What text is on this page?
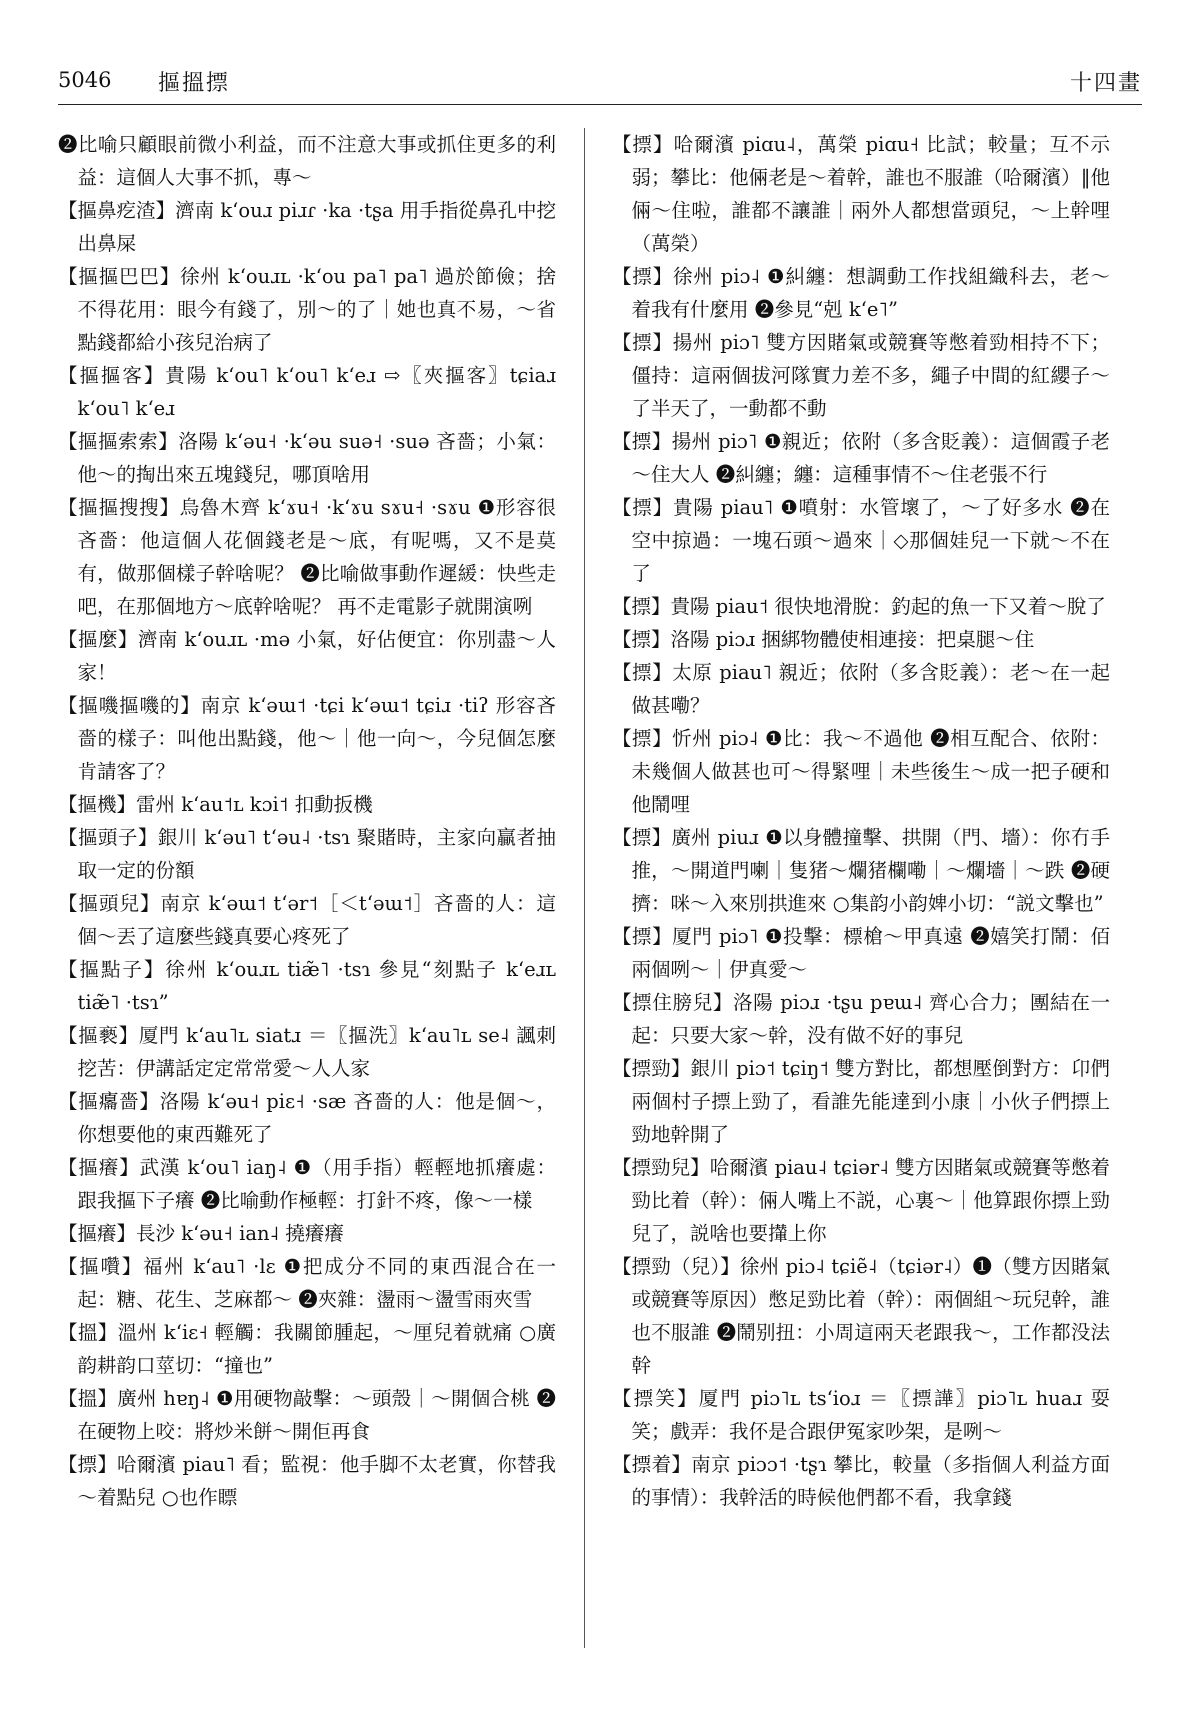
5046 摳搵摽	十四畫
❷比喻只顧眼前微小利益，而不注意大事或抓住更多的利益：這個人大事不抓，專～
【摳鼻疙渣】濟南 kʻouɹ piɹɾ ·ka ·tʂa 用手指從鼻孔中挖出鼻屎
【摳摳巴巴】徐州 kʻouɹʟ ·kʻou pa˥ pa˥ 過於節儉；捨不得花用：眼今有錢了，別～的了｜她也真不易，～省點錢都給小孩兒治病了
【摳摳客】貴陽 kʻou˥ kʻou˥ kʻeɹ ⇨〖夾摳客〗tɕiaɹ kʻou˥ kʻeɹ
【摳摳索索】洛陽 kʻəu˧ ·kʻəu suə˧ ·suə 吝嗇；小氣：他～的掏出來五塊錢兒，哪頂啥用
【摳摳搜搜】烏魯木齊 kʻɤu˧ ·kʻɤu sɤu˧ ·sɤu ❶形容很吝嗇：他這個人花個錢老是～底，有呢嗎，又不是莫有，做那個樣子幹啥呢？ ❷比喻做事動作遲緩：快些走吧，在那個地方～底幹啥呢？ 再不走電影子就開演咧
【摳麼】濟南 kʻouɹʟ ·mə 小氣，好佔便宜：你別盡～人家！
【摳嘰摳嘰的】南京 kʻəɯ˦ ·tɕi kʻəɯ˦ tɕiɹ ·tiʔ 形容吝嗇的樣子：叫他出點錢，他～｜他一向～，今兒個怎麼肯請客了？
【摳機】雷州 kʻau˦ʟ kɔi˦ 扣動扳機
【摳頭子】銀川 kʻəu˥ tʻəu˨ ·tsɿ 聚賭時，主家向贏者抽取一定的份額
【摳頭兒】南京 kʻəɯ˦ tʻər˦［＜tʻəɯ˦］吝嗇的人：這個～丟了這麼些錢真要心疼死了
【摳點子】徐州 kʻouɹʟ tiæ̃˥ ·tsɿ 參見“刻點子 kʻeɹʟ tiæ̃˥ ·tsɿ”
【摳褻】厦門 kʻau˥ʟ siatɹ ＝〖摳洗〗kʻau˥ʟ se˨ 諷刺挖苦：伊講話定定常常愛～人人家
【摳癟嗇】洛陽 kʻəu˧ piɛ˧ ·sæ 吝嗇的人：他是個～，你想要他的東西難死了
【摳癢】武漢 kʻou˥ iaŋ˨ ❶（用手指）輕輕地抓癢處：跟我摳下子癢 ❷比喻動作極輕：打針不疼，像～一樣
【摳癢】長沙 kʻəu˧ ian˨ 撓癢癢
【摳囋】福州 kʻau˥ ·lɛ ❶把成分不同的東西混合在一起：糖、花生、芝麻都～ ❷夾雜：盪雨～盪雪雨夾雪
【搵】溫州 kʻiɛ˧ 輕觸：我關節腫起，～厘兒着就痛 ○廣韵耕韵口莖切：“撞也”
【搵】廣州 hɐŋ˨ ❶用硬物敲擊：～頭殼｜～開個合桃 ❷在硬物上咬：將炒米餅～開佢再食
【摽】哈爾濱 piau˥ 看；監視：他手脚不太老實，你替我～着點兒 ○也作瞟
【摽】哈爾濱 piɑu˨，萬榮 piɑu˧ 比試；較量；互不示弱；攀比：他倆老是～着幹，誰也不服誰（哈爾濱）‖他倆～住啦，誰都不讓誰｜兩外人都想當頭兒，～上幹哩（萬榮）
【摽】徐州 piɔ˨ ❶糾纏：想調動工作找組織科去，老～着我有什麼用 ❷參見“剋 kʻe˥”
【摽】揚州 piɔ˥ 雙方因賭氣或競賽等憋着勁相持不下；僵持：這兩個拔河隊實力差不多，繩子中間的紅纓子～了半天了，一動都不動
【摽】揚州 piɔ˥ ❶親近；依附（多含貶義）：這個霞子老～住大人 ❷糾纏；纏：這種事情不～住老張不行
【摽】貴陽 piau˥ ❶噴射：水管壞了，～了好多水 ❷在空中掠過：一塊石頭～過來｜◇那個娃兒一下就～不在了
【摽】貴陽 piau˦ 很快地滑脫：釣起的魚一下又着～脫了
【摽】洛陽 piɔɹ 捆綁物體使相連接：把桌腿～住
【摽】太原 piau˥ 親近；依附（多含貶義）：老～在一起做甚嘞？
【摽】忻州 piɔ˨ ❶比：我～不過他 ❷相互配合、依附：未幾個人做甚也可～得緊哩｜未些後生～成一把子硬和他鬧哩
【摽】廣州 piuɹ ❶以身體撞擊、拱開（門、墻）：你冇手推，～開道門喇｜隻猪～爛猪欄嘞｜～爛墻｜～跌 ❷硬擠：咪～入來別拱進來 ○集韵小韵婢小切：“説文擊也”
【摽】厦門 piɔ˥ ❶投擊：標槍～甲真遠 ❷嬉笑打鬧：佰兩個咧～｜伊真愛～
【摽住膀兒】洛陽 piɔɹ ·tʂu pɐɯ˨ 齊心合力；團結在一起：只要大家～幹，没有做不好的事兒
【摽勁】銀川 piɔ˦ tɕiŋ˦ 雙方對比，都想壓倒對方：卬們兩個村子摽上勁了，看誰先能達到小康｜小伙子們摽上勁地幹開了
【摽勁兒】哈爾濱 piau˨ tɕiər˨ 雙方因賭氣或競賽等憋着勁比着（幹）：倆人嘴上不説，心裏～｜他算跟你摽上勁兒了，説啥也要攆上你
【摽勁（兒）】徐州 piɔ˨ tɕiẽ˨（tɕiər˨）❶（雙方因賭氣或競賽等原因）憋足勁比着（幹）：兩個組～玩兒幹，誰也不服誰 ❷鬧别扭：小周這兩天老跟我～，工作都没法幹
【摽笑】厦門 piɔ˥ʟ tsʻioɹ ＝〖摽譁〗piɔ˥ʟ huaɹ 耍笑；戲弄：我伓是合跟伊冤家吵架，是咧～
【摽着】南京 piɔɔ˦ ·tʂɿ 攀比，較量（多指個人利益方面的事情）：我幹活的時候他們都不看，我拿錢
